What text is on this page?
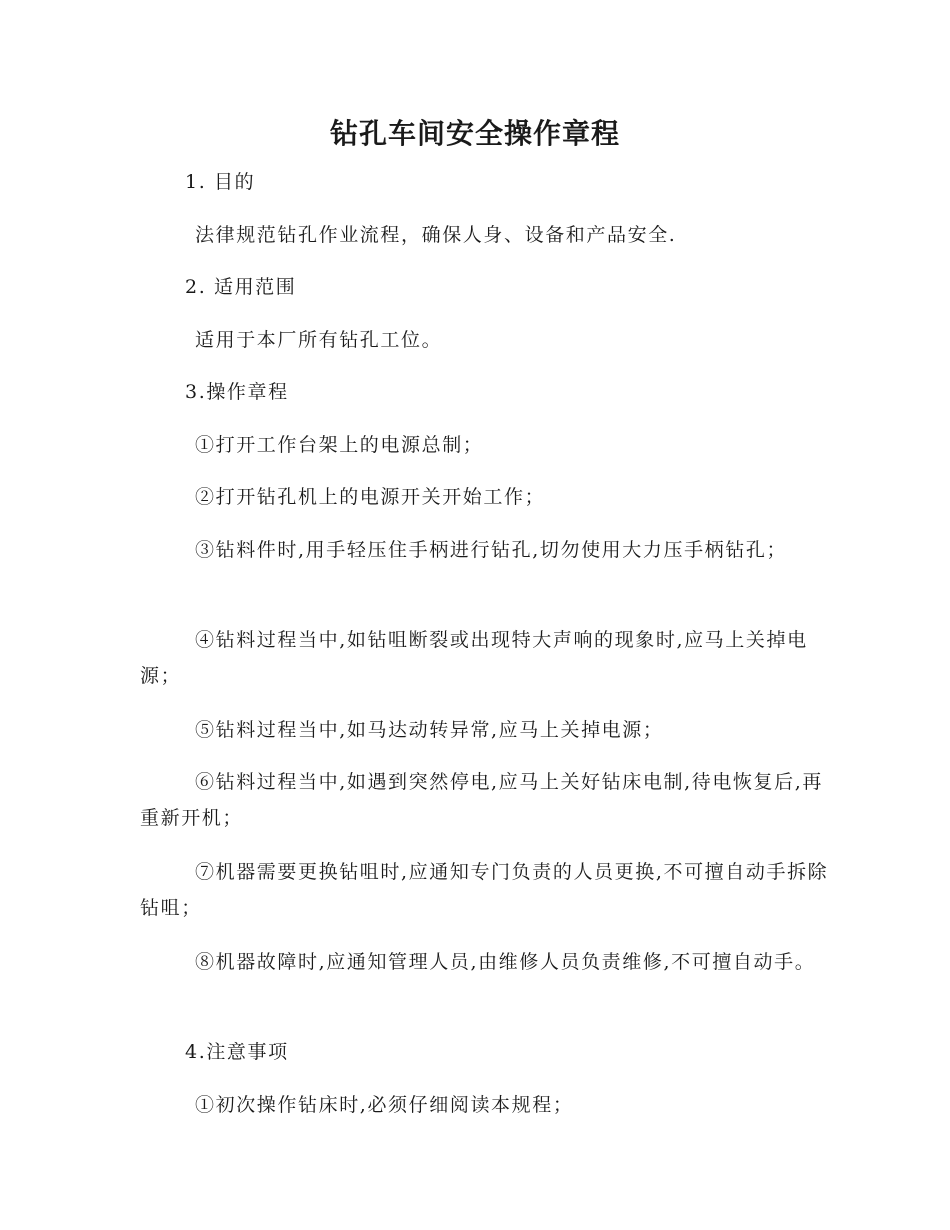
钻孔车间安全操作章程
1. 目的
法律规范钻孔作业流程，确保人身、设备和产品安全.
2. 适用范围
适用于本厂所有钻孔工位。
3.操作章程
①打开工作台架上的电源总制；
②打开钻孔机上的电源开关开始工作；
③钻料件时,用手轻压住手柄进行钻孔,切勿使用大力压手柄钻孔；
④钻料过程当中,如钻咀断裂或出现特大声响的现象时,应马上关掉电源；
⑤钻料过程当中,如马达动转异常,应马上关掉电源；
⑥钻料过程当中,如遇到突然停电,应马上关好钻床电制,待电恢复后,再重新开机；
⑦机器需要更换钻咀时,应通知专门负责的人员更换,不可擅自动手拆除钻咀；
⑧机器故障时,应通知管理人员,由维修人员负责维修,不可擅自动手。
4.注意事项
①初次操作钻床时,必须仔细阅读本规程；
